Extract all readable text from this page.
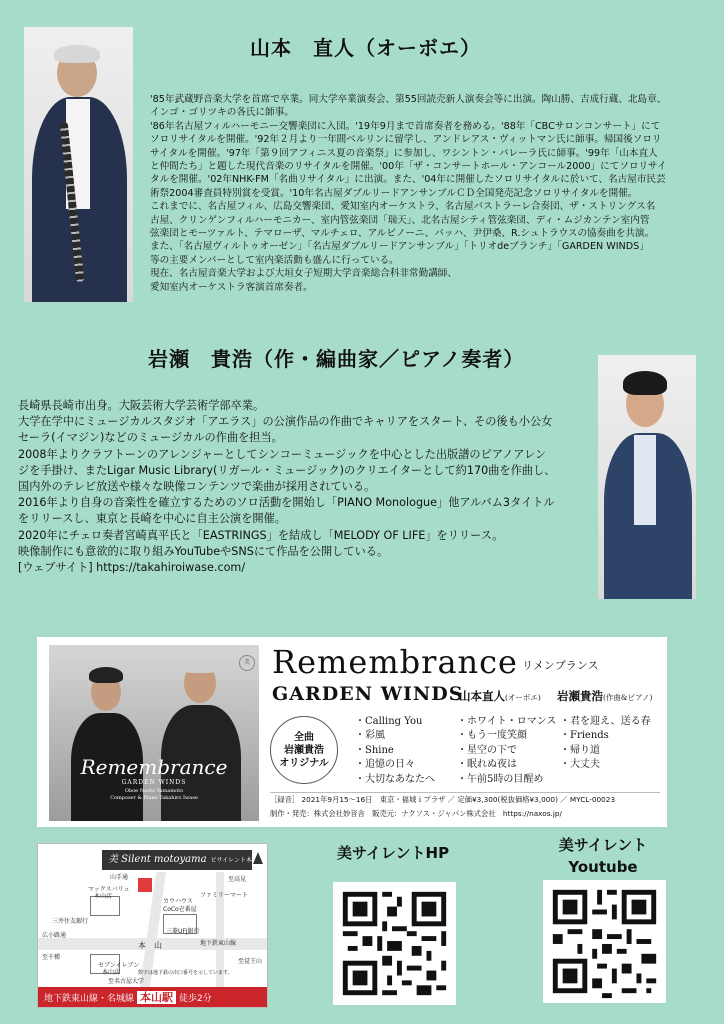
山本　直人（オーボエ）

'85年武蔵野音楽大学を首席で卒業。同大学卒業演奏会、第55回読売新人演奏会等に出演。陶山勝、吉成行蔵、北島章、
インゴ・ゴリツキの各氏に師事。
'86年名古屋フィルハーモニー交響楽団に入団。'19年9月まで首席奏者を務める。'88年「CBCサロンコンサート」にて
ソロリサイタルを開催。'92年２月より一年間ベルリンに留学し、アンドレアス・ヴィットマン氏に師事。帰国後ソロリ
サイタルを開催。'97年「第９回アフィニス夏の音楽祭」に参加し、ワシントン・バレーラ氏に師事。'99年「山本直人
と仲間たち」と題した現代音楽のリサイタルを開催。'00年「ザ・コンサートホール・アンコール2000」にてソロリサイ
タルを開催。'02年NHK-FM「名曲リサイタル」に出演。また、'04年に開催したソロリサイタルに於いて、名古屋市民芸
術祭2004審査員特別賞を受賞。'10年名古屋ダブルリードアンサンブルＣＤ全国発売記念ソロリサイタルを開催。
これまでに、名古屋フィル、広島交響楽団、愛知室内オーケストラ、名古屋バストラーレ合奏団、ザ・ストリングス名
古屋、クリンゲンフィルハーモニカー、室内管弦楽団「瑞天」、北名古屋シティ管弦楽団、ディ・ムジカンテン室内管
弦楽団とモーツァルト、テマローザ、マルチェロ、アルビノーニ、バッハ、尹伊桑、R.シュトラウスの協奏曲を共演。
また、「名古屋ヴィルトゥオーゼン」「名古屋ダブルリードアンサンブル」「トリオdeブランチ」「GARDEN WINDS」
等の主要メンバーとして室内楽活動も盛んに行っている。
現在、名古屋音楽大学および大垣女子短期大学音楽総合科非常勤講師、
愛知室内オーケストラ客演首席奏者。

岩瀬　貴浩（作・編曲家／ピアノ奏者）

長崎県長崎市出身。大阪芸術大学芸術学部卒業。
大学在学中にミュージカルスタジオ「アエラス」の公演作品の作曲でキャリアをスタート、その後も小公女
セーラ(イマジン)などのミュージカルの作曲を担当。
2008年よりクラフトーンのアレンジャーとしてシンコーミュージックを中心とした出版譜のピアノアレン
ジを手掛け、またLigar Music Library(リガール・ミュージック)のクリエイターとして約170曲を作曲し、
国内外のテレビ放送や様々な映像コンテンツで楽曲が採用されている。
2016年より自身の音楽性を確立するためのソロ活動を開始し「PIANO Monologue」他アルバム3タイトル
をリリースし、東京と長崎を中心に自主公演を開催。
2020年にチェロ奏者宮崎真平氏と「EASTRINGS」を結成し「MELODY OF LIFE」をリリース。
映像制作にも意欲的に取り組みYouTubeやSNSにて作品を公開している。
[ウェブサイト] https://takahiroiwase.com/

Remembrance
GARDEN WINDS
Oboe Naoto Yamamoto
Composer & Piano Takahiro Iwase
美 Remembrance リメンブランス
GARDEN WINDS
山本直人(オーボエ) 岩瀬貴浩(作曲&ピアノ)
全曲
岩瀬貴浩
オリジナル
・Calling You
・彩風
・Shine
・追憶の日々
・大切なあなたへ
・ホワイト・ロマンス
・もう一度笑顔
・星空の下で
・眠れぬ夜は
・午前5時の目醒め
・君を迎え、送る春
・Friends
・帰り道
・大丈夫
［録音］ 2021年9月15～16日　東京・福城ｉプラザ ／ 定価¥3,300(税抜価格¥3,000) ／ MYCL-00023
制作・発売：株式会社妙音舎　販売元：ナクソス・ジャパン株式会社　https://naxos.jp/
美 Silent motoyama ビサイレント本山
マックスバリュ
本山店
三井住友銀行
広小路通
カウハウス
CoCo壱番屋
ファミリーマート
三菱UFJ銀行
本　山	地下鉄東山線
セブンイレブン
本山店
至名古屋大学
数字は地下鉄の出口番号を示しています。
至覚王山
至千種
山手通	至高見
地下鉄東山線・名城線 本山駅 徒歩2分
美サイレントHP	美サイレント
Youtube
